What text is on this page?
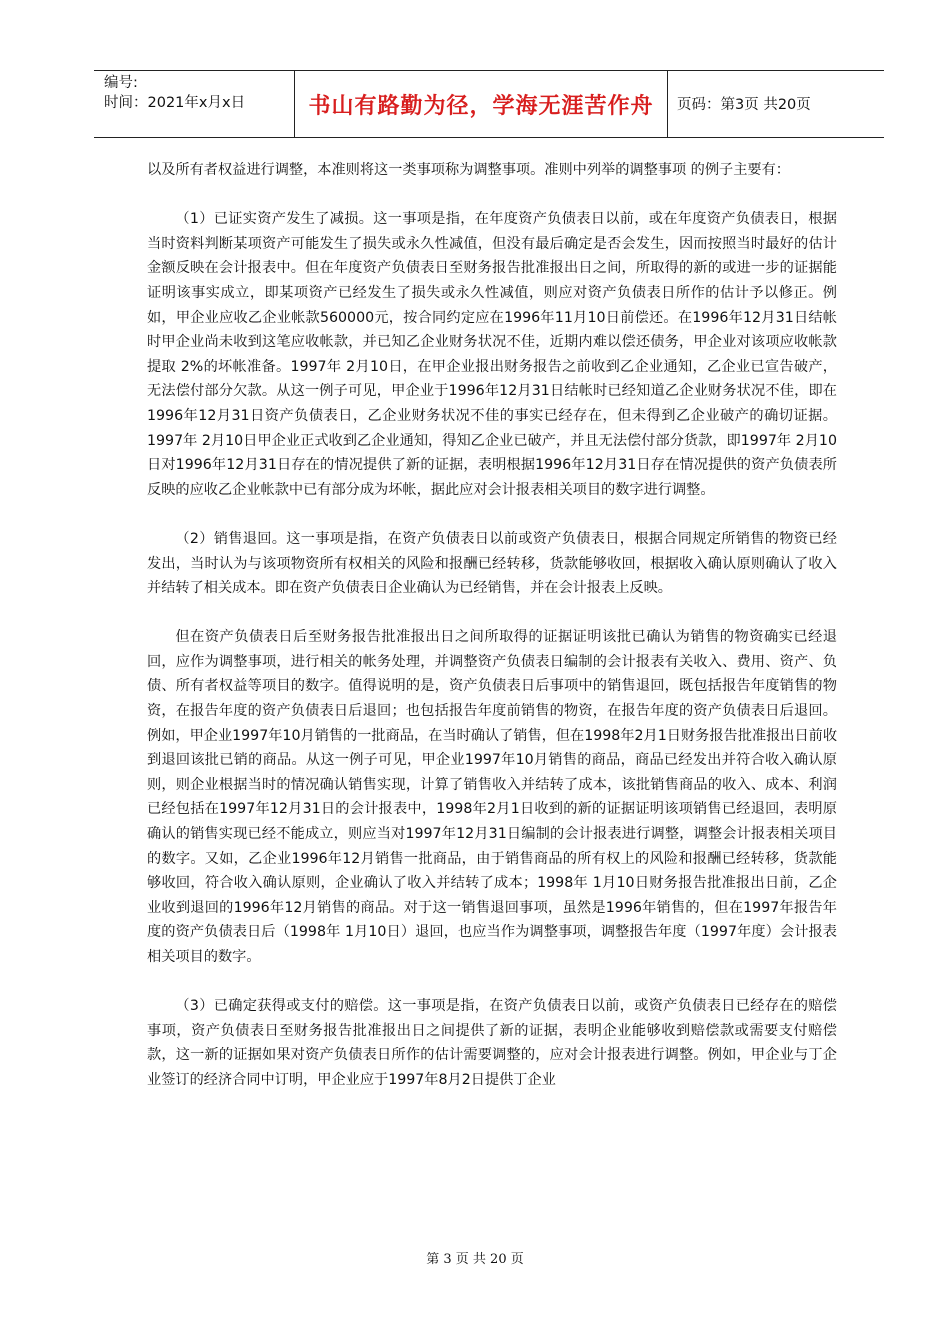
编号:
时间：2021年x月x日	书山有路勤为径，学海无涯苦作舟	页码：第3页 共20页

以及所有者权益进行调整，本准则将这一类事项称为调整事项。准则中列举的调整事项 的例子主要有：

（1）已证实资产发生了减损。这一事项是指，在年度资产负债表日以前，或在年度资产负债表日，根据当时资料判断某项资产可能发生了损失或永久性减值，但没有最后确定是否会发生，因而按照当时最好的估计金额反映在会计报表中。但在年度资产负债表日至财务报告批准报出日之间，所取得的新的或进一步的证据能证明该事实成立，即某项资产已经发生了损失或永久性减值，则应对资产负债表日所作的估计予以修正。例如，甲企业应收乙企业帐款560000元，按合同约定应在1996年11月10日前偿还。在1996年12月31日结帐时甲企业尚未收到这笔应收帐款，并已知乙企业财务状况不佳，近期内难以偿还债务，甲企业对该项应收帐款提取 2%的坏帐准备。1997年 2月10日，在甲企业报出财务报告之前收到乙企业通知，乙企业已宣告破产，无法偿付部分欠款。从这一例子可见，甲企业于1996年12月31日结帐时已经知道乙企业财务状况不佳，即在1996年12月31日资产负债表日，乙企业财务状况不佳的事实已经存在，但未得到乙企业破产的确切证据。1997年 2月10日甲企业正式收到乙企业通知，得知乙企业已破产，并且无法偿付部分货款，即1997年 2月10日对1996年12月31日存在的情况提供了新的证据，表明根据1996年12月31日存在情况提供的资产负债表所反映的应收乙企业帐款中已有部分成为坏帐，据此应对会计报表相关项目的数字进行调整。

（2）销售退回。这一事项是指，在资产负债表日以前或资产负债表日，根据合同规定所销售的物资已经发出，当时认为与该项物资所有权相关的风险和报酬已经转移，货款能够收回，根据收入确认原则确认了收入并结转了相关成本。即在资产负债表日企业确认为已经销售，并在会计报表上反映。

但在资产负债表日后至财务报告批准报出日之间所取得的证据证明该批已确认为销售的物资确实已经退回，应作为调整事项，进行相关的帐务处理，并调整资产负债表日编制的会计报表有关收入、费用、资产、负债、所有者权益等项目的数字。值得说明的是，资产负债表日后事项中的销售退回，既包括报告年度销售的物资，在报告年度的资产负债表日后退回；也包括报告年度前销售的物资，在报告年度的资产负债表日后退回。例如，甲企业1997年10月销售的一批商品，在当时确认了销售，但在1998年2月1日财务报告批准报出日前收到退回该批已销的商品。从这一例子可见，甲企业1997年10月销售的商品，商品已经发出并符合收入确认原则，则企业根据当时的情况确认销售实现，计算了销售收入并结转了成本，该批销售商品的收入、成本、利润已经包括在1997年12月31日的会计报表中，1998年2月1日收到的新的证据证明该项销售已经退回，表明原确认的销售实现已经不能成立，则应当对1997年12月31日编制的会计报表进行调整，调整会计报表相关项目的数字。又如，乙企业1996年12月销售一批商品，由于销售商品的所有权上的风险和报酬已经转移，货款能够收回，符合收入确认原则，企业确认了收入并结转了成本；1998年 1月10日财务报告批准报出日前，乙企业收到退回的1996年12月销售的商品。对于这一销售退回事项，虽然是1996年销售的，但在1997年报告年度的资产负债表日后（1998年 1月10日）退回，也应当作为调整事项，调整报告年度（1997年度）会计报表相关项目的数字。

（3）已确定获得或支付的赔偿。这一事项是指，在资产负债表日以前，或资产负债表日已经存在的赔偿事项，资产负债表日至财务报告批准报出日之间提供了新的证据，表明企业能够收到赔偿款或需要支付赔偿款，这一新的证据如果对资产负债表日所作的估计需要调整的，应对会计报表进行调整。例如，甲企业与丁企业签订的经济合同中订明，甲企业应于1997年8月2日提供丁企业

第 3 页 共 20 页
